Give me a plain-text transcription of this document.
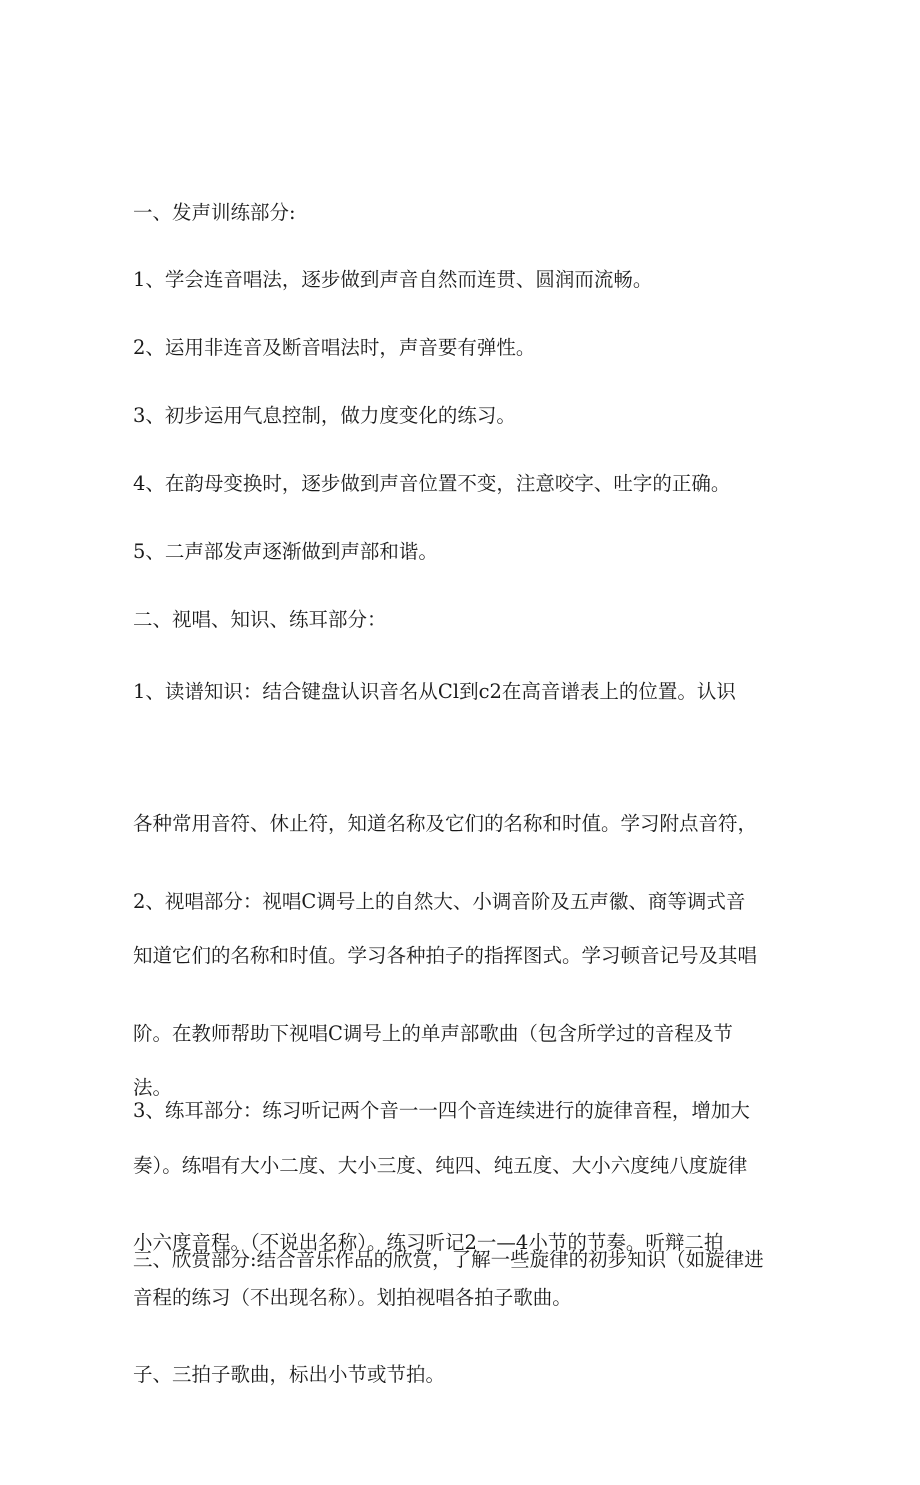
一、发声训练部分:

1、学会连音唱法，逐步做到声音自然而连贯、圆润而流畅。

2、运用非连音及断音唱法时，声音要有弹性。

3、初步运用气息控制，做力度变化的练习。

4、在韵母变换时，逐步做到声音位置不变，注意咬字、吐字的正确。

5、二声部发声逐渐做到声部和谐。

二、视唱、知识、练耳部分：

1、读谱知识：结合键盘认识音名从Cl到c2在高音谱表上的位置。认识

各种常用音符、休止符，知道名称及它们的名称和时值。学习附点音符，

知道它们的名称和时值。学习各种拍子的指挥图式。学习顿音记号及其唱

法。

2、视唱部分：视唱C调号上的自然大、小调音阶及五声徽、商等调式音

阶。在教师帮助下视唱C调号上的单声部歌曲（包含所学过的音程及节

奏）。练唱有大小二度、大小三度、纯四、纯五度、大小六度纯八度旋律

音程的练习（不出现名称）。划拍视唱各拍子歌曲。

3、练耳部分：练习听记两个音一一四个音连续进行的旋律音程，增加大

小六度音程。（不说出名称）。练习听记2一—4小节的节奏。听辩二拍

子、三拍子歌曲，标出小节或节拍。

三、欣赏部分:结合音乐作品的欣赏，了解一些旋律的初步知识（如旋律进
